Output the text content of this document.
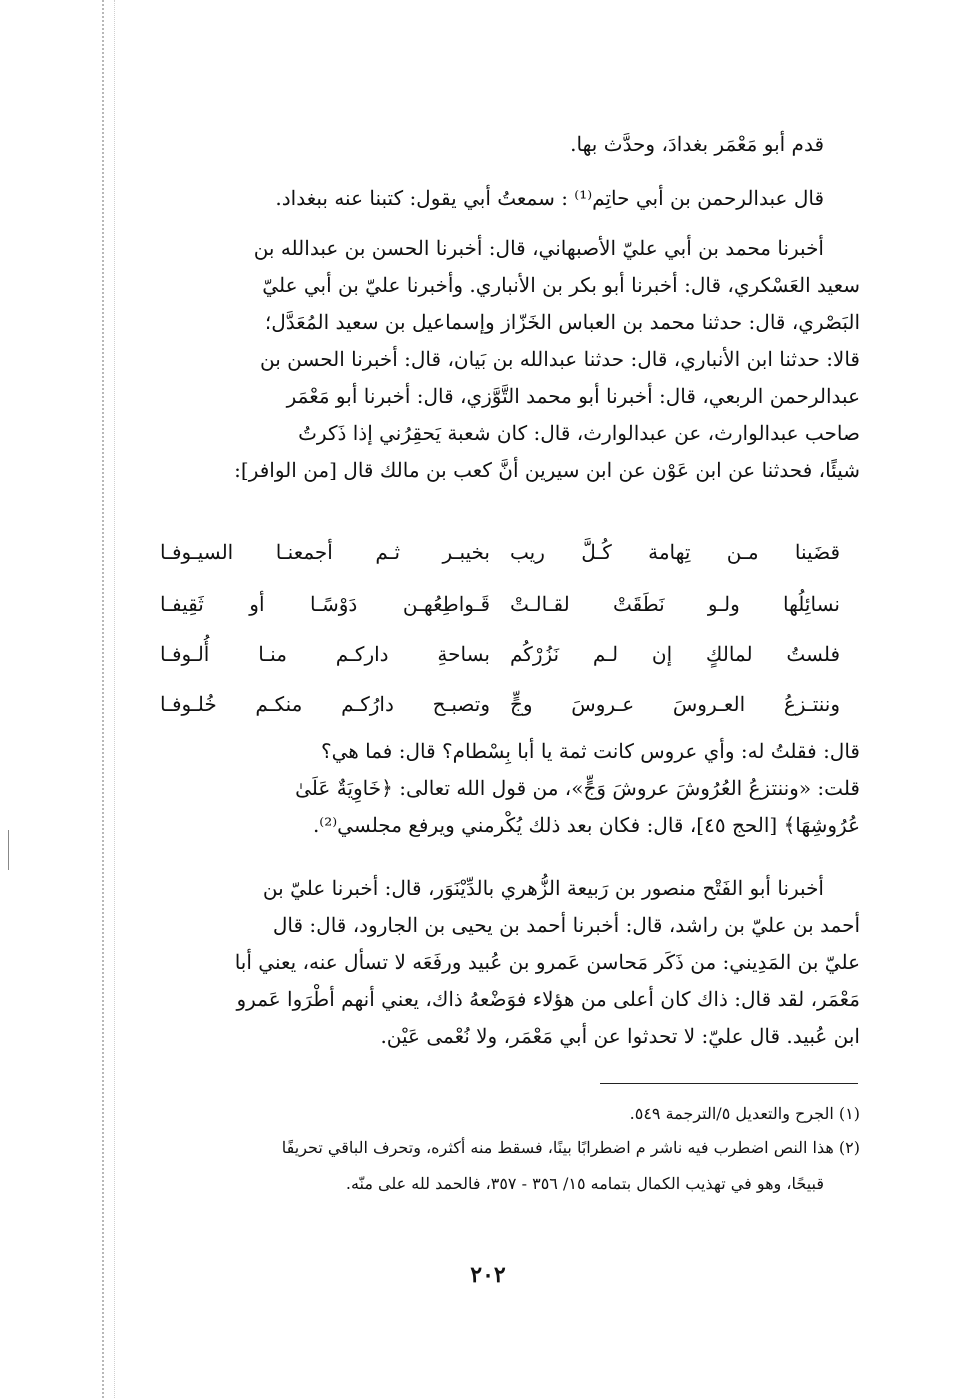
قدم أبو مَعْمَر بغدادَ، وحدَّث بها.
قال عبدالرحمن بن أبي حاتِم⁽¹⁾ : سمعتُ أبي يقول: كتبنا عنه ببغداد.
أخبرنا محمد بن أبي عليّ الأصبهاني، قال: أخبرنا الحسن بن عبدالله بن
سعيد العَسْكري، قال: أخبرنا أبو بكر بن الأنباري. وأخبرنا عليّ بن أبي عليّ
البَصْري، قال: حدثنا محمد بن العباس الخَزّاز وإسماعيل بن سعيد المُعَدَّل؛
قالا: حدثنا ابن الأنباري، قال: حدثنا عبدالله بن بَيان، قال: أخبرنا الحسن بن
عبدالرحمن الربعي، قال: أخبرنا أبو محمد التَّوَّزي، قال: أخبرنا أبو مَعْمَر
صاحب عبدالوارث، عن عبدالوارث، قال: كان شعبة يَحقِرُني إذا ذَكرتُ
شيئًا، فحدثنا عن ابن عَوْن عن ابن سيرين أنَّ كعب بن مالك قال [من الوافر]:
قضَينا مـن تِهامة كُـلَّ ريب
بخيبـر ثـم أجمعنـا السيـوفـا
نسائِلُها ولـو نَطَقَتْ لقـالـتْ
قَـواطِعُهـن دَوْسًـا أو ثَقِيفـا
فلستُ لمالكٍ إن لـم نَزُرْكُم
بساحةِ داركـم منـا أُلـوفـا
وننتـزعُ العـروسَ عـروسَ وجٍّ
وتصبـح دارُكـم منكـم خُلـوفـا
قال: فقلتُ له: وأي عروس كانت ثمة يا أبا بِسْطام؟ قال: فما هي؟
قلت: «وننتزعُ العُرُوشَ عروشَ وَجٍّ»، من قول الله تعالى: ﴿خَاوِيَةٌ عَلَىٰ
عُرُوشِهَا﴾ [الحج ٤٥]، قال: فكان بعد ذلك يُكْرمني ويرفع مجلسي⁽²⁾.
أخبرنا أبو الفَتْح منصور بن رَبيعة الزُّهري بالدِّيْنَوَر، قال: أخبرنا عليّ بن
أحمد بن عليّ بن راشد، قال: أخبرنا أحمد بن يحيى بن الجارود، قال: قال
عليّ بن المَدِيني: من ذَكَر مَحاسن عَمرو بن عُبيد ورفَعَه لا تسأل عنه، يعني أبا
مَعْمَر، لقد قال: ذاك كان أعلى من هؤلاء فوَضْعهُ ذاك، يعني أنهم أطْرَوا عَمرو
ابن عُبيد. قال عليّ: لا تحدثوا عن أبي مَعْمَر، ولا نُعْمى عَيْن.
(١) الجرح والتعديل ٥/الترجمة ٥٤٩.
(٢) هذا النص اضطرب فيه ناشر م اضطرابًا بينًا، فسقط منه أكثره، وتحرف الباقي تحريفًا
قبيحًا، وهو في تهذيب الكمال بتمامه ١٥/ ٣٥٦ - ٣٥٧، فالحمد لله على منّه.
٢٠٢
